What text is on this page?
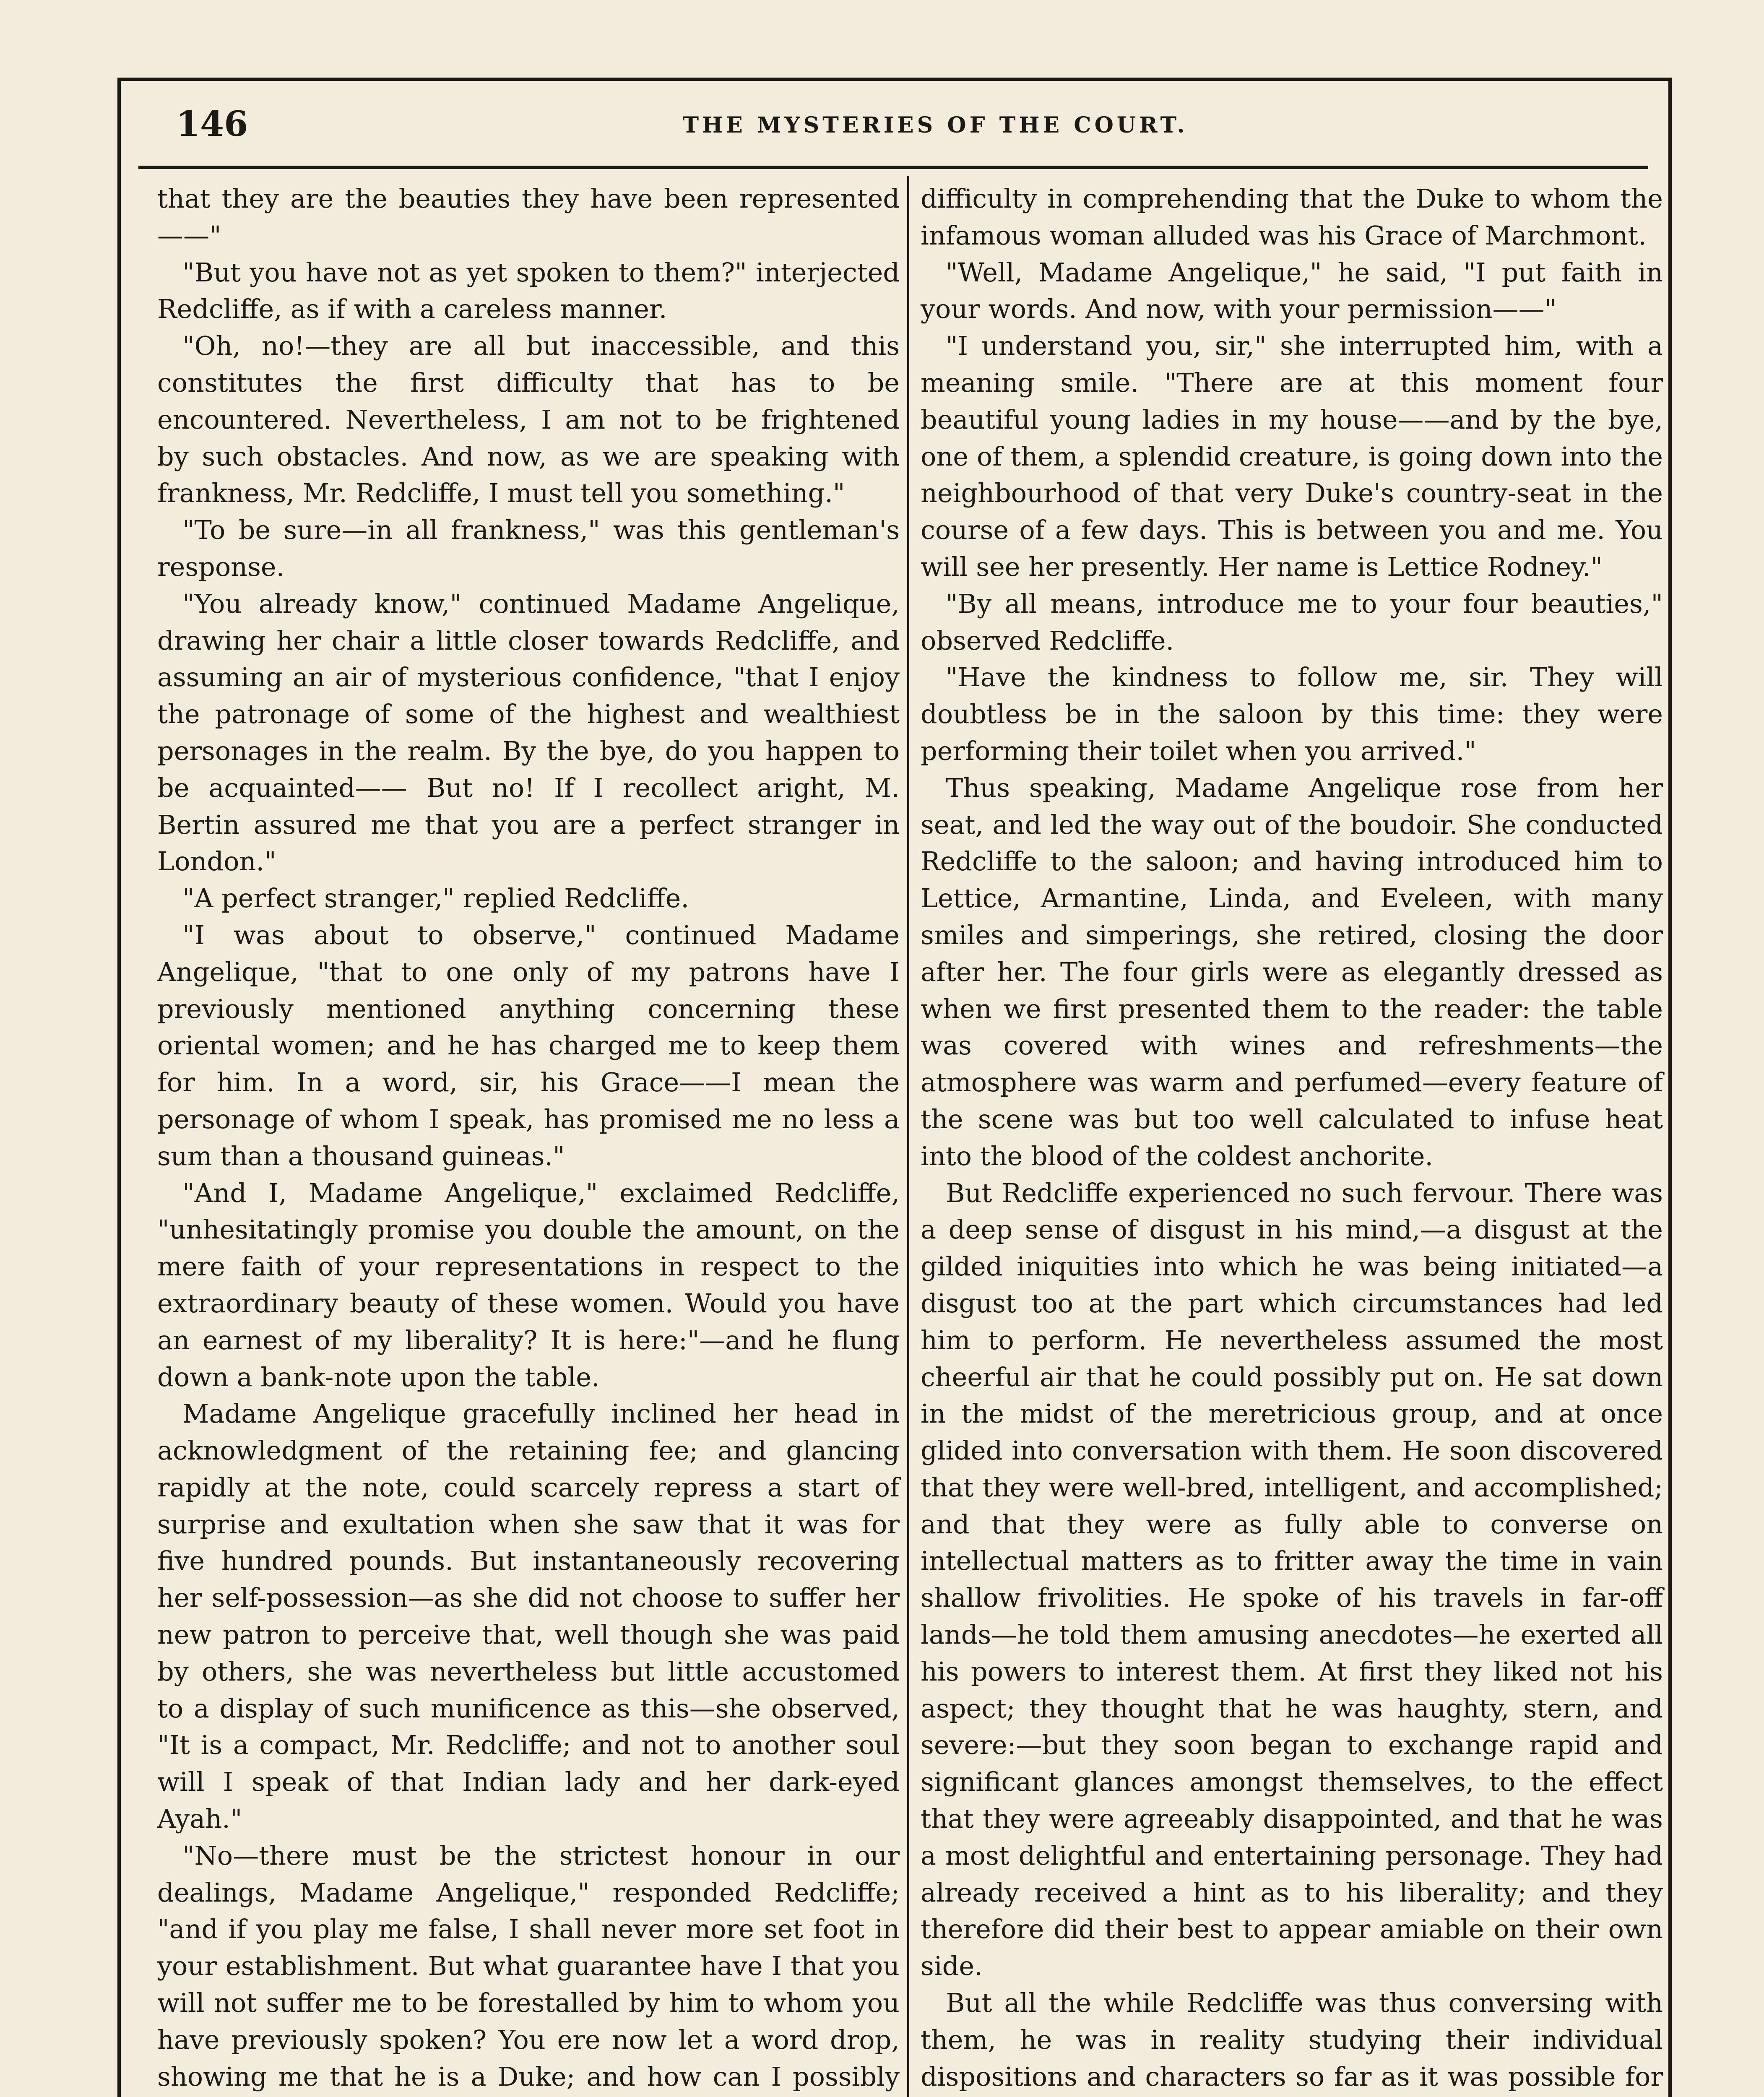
146	THE MYSTERIES OF THE COURT.

that they are the beauties they have been represented——"

"But you have not as yet spoken to them?" interjected Redcliffe, as if with a careless manner.

"Oh, no!—they are all but inaccessible, and this constitutes the first difficulty that has to be encountered. Nevertheless, I am not to be frightened by such obstacles. And now, as we are speaking with frankness, Mr. Redcliffe, I must tell you something."

"To be sure—in all frankness," was this gentleman's response.

"You already know," continued Madame Angelique, drawing her chair a little closer towards Redcliffe, and assuming an air of mysterious confidence, "that I enjoy the patronage of some of the highest and wealthiest personages in the realm. By the bye, do you happen to be acquainted—— But no! If I recollect aright, M. Bertin assured me that you are a perfect stranger in London."

"A perfect stranger," replied Redcliffe.

"I was about to observe," continued Madame Angelique, "that to one only of my patrons have I previously mentioned anything concerning these oriental women; and he has charged me to keep them for him. In a word, sir, his Grace——I mean the personage of whom I speak, has promised me no less a sum than a thousand guineas."

"And I, Madame Angelique," exclaimed Redcliffe, "unhesitatingly promise you double the amount, on the mere faith of your representations in respect to the extraordinary beauty of these women. Would you have an earnest of my liberality? It is here:"—and he flung down a bank-note upon the table.

Madame Angelique gracefully inclined her head in acknowledgment of the retaining fee; and glancing rapidly at the note, could scarcely repress a start of surprise and exultation when she saw that it was for five hundred pounds. But instantaneously recovering her self-possession—as she did not choose to suffer her new patron to perceive that, well though she was paid by others, she was nevertheless but little accustomed to a display of such munificence as this—she observed, "It is a compact, Mr. Redcliffe; and not to another soul will I speak of that Indian lady and her dark-eyed Ayah."

"No—there must be the strictest honour in our dealings, Madame Angelique," responded Redcliffe; "and if you play me false, I shall never more set foot in your establishment. But what guarantee have I that you will not suffer me to be forestalled by him to whom you have previously spoken? You ere now let a word drop, showing me that he is a Duke; and how can I possibly

difficulty in comprehending that the Duke to whom the infamous woman alluded was his Grace of Marchmont.

"Well, Madame Angelique," he said, "I put faith in your words. And now, with your permission——"

"I understand you, sir," she interrupted him, with a meaning smile. "There are at this moment four beautiful young ladies in my house——and by the bye, one of them, a splendid creature, is going down into the neighbourhood of that very Duke's country-seat in the course of a few days. This is between you and me. You will see her presently. Her name is Lettice Rodney."

"By all means, introduce me to your four beauties," observed Redcliffe.

"Have the kindness to follow me, sir. They will doubtless be in the saloon by this time: they were performing their toilet when you arrived."

Thus speaking, Madame Angelique rose from her seat, and led the way out of the boudoir. She conducted Redcliffe to the saloon; and having introduced him to Lettice, Armantine, Linda, and Eveleen, with many smiles and simperings, she retired, closing the door after her. The four girls were as elegantly dressed as when we first presented them to the reader: the table was covered with wines and refreshments—the atmosphere was warm and perfumed—every feature of the scene was but too well calculated to infuse heat into the blood of the coldest anchorite.

But Redcliffe experienced no such fervour. There was a deep sense of disgust in his mind,—a disgust at the gilded iniquities into which he was being initiated—a disgust too at the part which circumstances had led him to perform. He nevertheless assumed the most cheerful air that he could possibly put on. He sat down in the midst of the meretricious group, and at once glided into conversation with them. He soon discovered that they were well-bred, intelligent, and accomplished; and that they were as fully able to converse on intellectual matters as to fritter away the time in vain shallow frivolities. He spoke of his travels in far-off lands—he told them amusing anecdotes—he exerted all his powers to interest them. At first they liked not his aspect; they thought that he was haughty, stern, and severe:—but they soon began to exchange rapid and significant glances amongst themselves, to the effect that they were agreeably disappointed, and that he was a most delightful and entertaining personage. They had already received a hint as to his liberality; and they therefore did their best to appear amiable on their own side.

But all the while Redcliffe was thus conversing with them, he was in reality studying their individual dispositions and characters so far as it was possible for
